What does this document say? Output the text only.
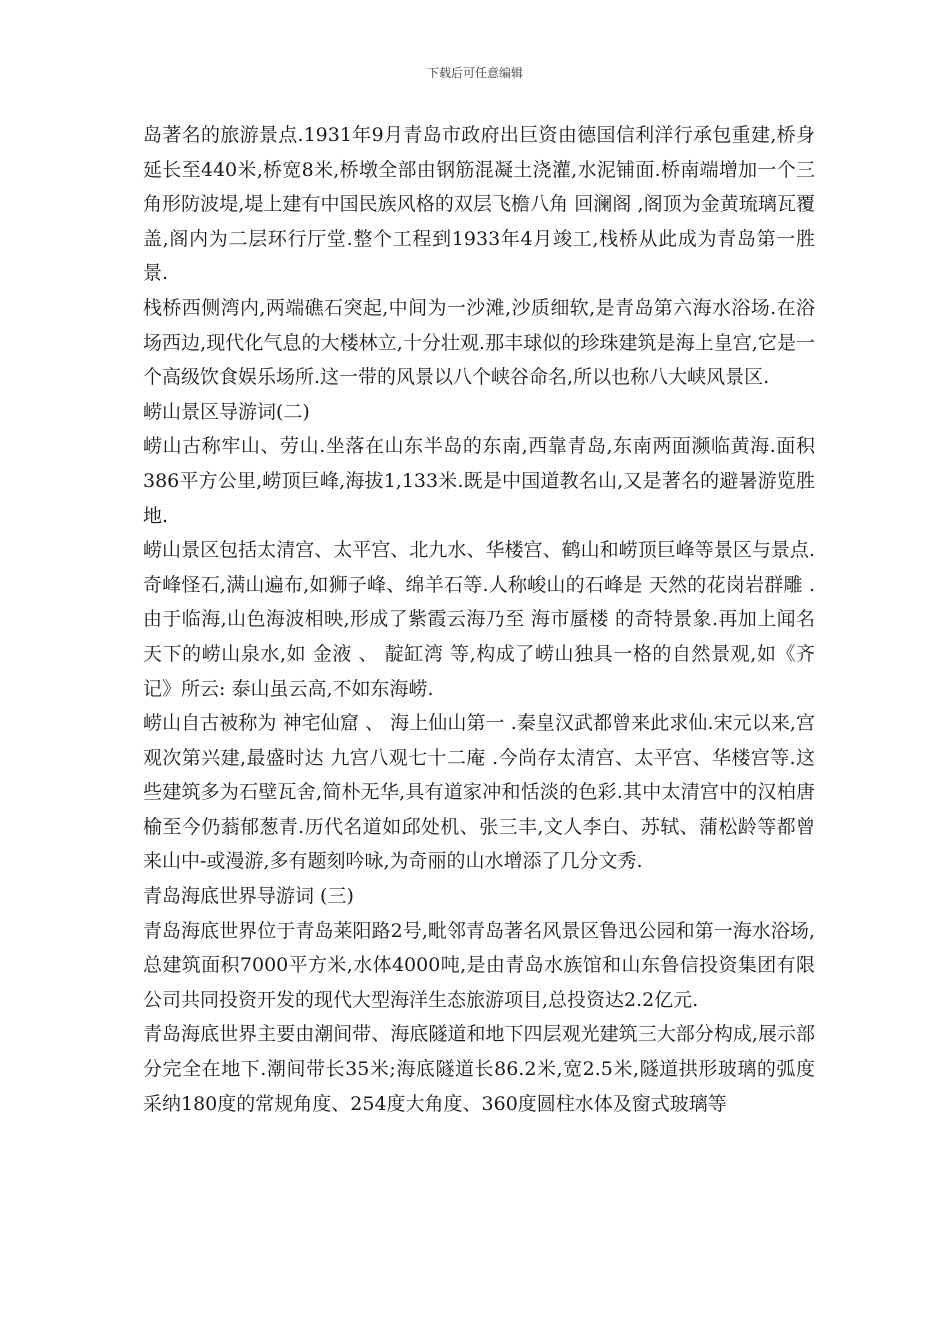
下载后可任意编辑

岛著名的旅游景点.1931年9月青岛市政府出巨资由德国信利洋行承包重建,桥身延长至440米,桥宽8米,桥墩全部由钢筋混凝土浇灌,水泥铺面.桥南端增加一个三角形防波堤,堤上建有中国民族风格的双层飞檐八角 回澜阁 ,阁顶为金黄琉璃瓦覆盖,阁内为二层环行厅堂.整个工程到1933年4月竣工,栈桥从此成为青岛第一胜景.

栈桥西侧湾内,两端礁石突起,中间为一沙滩,沙质细软,是青岛第六海水浴场.在浴场西边,现代化气息的大楼林立,十分壮观.那丰球似的珍珠建筑是海上皇宫,它是一个高级饮食娱乐场所.这一带的风景以八个峡谷命名,所以也称八大峡风景区.

崂山景区导游词(二)

崂山古称牢山、劳山.坐落在山东半岛的东南,西靠青岛,东南两面濒临黄海.面积386平方公里,崂顶巨峰,海拔1,133米.既是中国道教名山,又是著名的避暑游览胜地.

崂山景区包括太清宫、太平宫、北九水、华楼宫、鹤山和崂顶巨峰等景区与景点.奇峰怪石,满山遍布,如狮子峰、绵羊石等.人称峻山的石峰是 天然的花岗岩群雕 .由于临海,山色海波相映,形成了紫霞云海乃至 海市蜃楼 的奇特景象.再加上闻名天下的崂山泉水,如 金液 、 靛缸湾 等,构成了崂山独具一格的自然景观,如《齐记》所云: 泰山虽云高,不如东海崂.

崂山自古被称为 神宅仙窟 、 海上仙山第一 .秦皇汉武都曾来此求仙.宋元以来,宫观次第兴建,最盛时达 九宫八观七十二庵 .今尚存太清宫、太平宫、华楼宫等.这些建筑多为石壁瓦舍,简朴无华,具有道家冲和恬淡的色彩.其中太清宫中的汉柏唐榆至今仍蓊郁葱青.历代名道如邱处机、张三丰,文人李白、苏轼、蒲松龄等都曾来山中-或漫游,多有题刻吟咏,为奇丽的山水增添了几分文秀.

青岛海底世界导游词 (三)

青岛海底世界位于青岛莱阳路2号,毗邻青岛著名风景区鲁迅公园和第一海水浴场,总建筑面积7000平方米,水体4000吨,是由青岛水族馆和山东鲁信投资集团有限公司共同投资开发的现代大型海洋生态旅游项目,总投资达2.2亿元.

青岛海底世界主要由潮间带、海底隧道和地下四层观光建筑三大部分构成,展示部分完全在地下.潮间带长35米;海底隧道长86.2米,宽2.5米,隧道拱形玻璃的弧度采纳180度的常规角度、254度大角度、360度圆柱水体及窗式玻璃等
